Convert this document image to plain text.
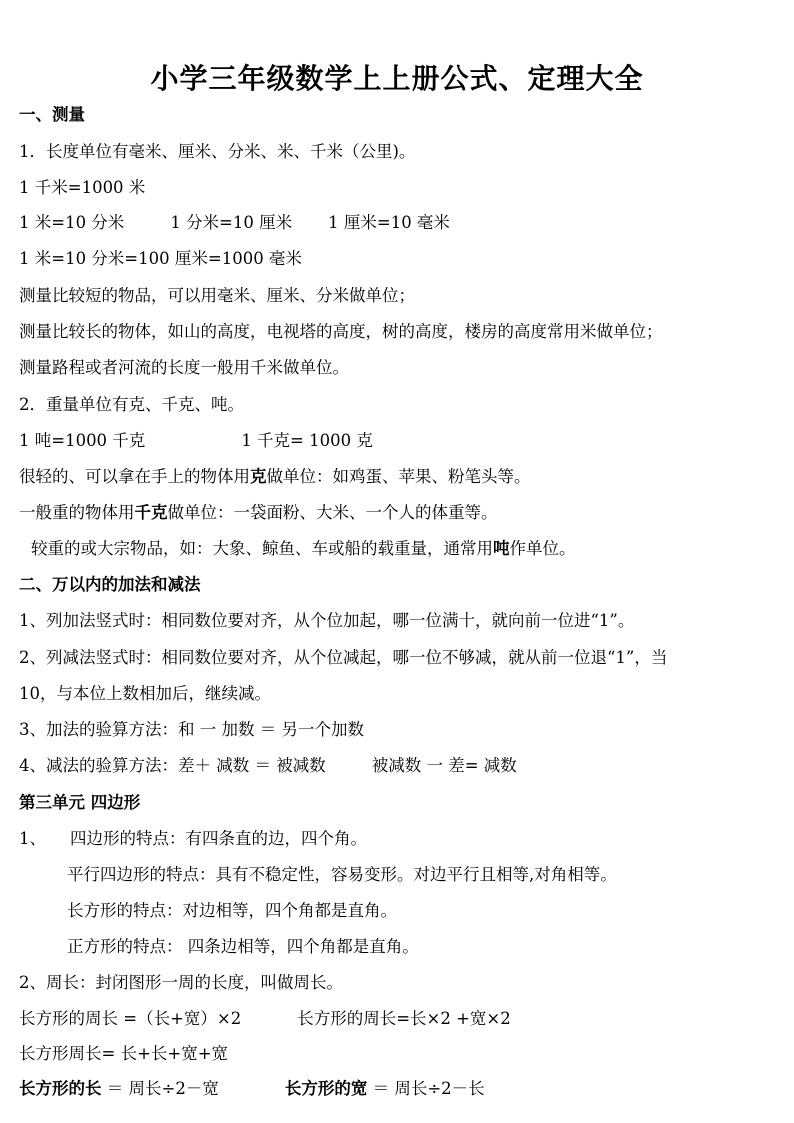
小学三年级数学上上册公式、定理大全
一、测量
1．长度单位有毫米、厘米、分米、米、千米（公里)。
1 千米=1000 米
1 米=10 分米	1 分米=10 厘米 1 厘米=10 毫米
1 米=10 分米=100 厘米=1000 毫米
测量比较短的物品，可以用毫米、厘米、分米做单位；
测量比较长的物体，如山的高度，电视塔的高度，树的高度，楼房的高度常用米做单位；
测量路程或者河流的长度一般用千米做单位。
2．重量单位有克、千克、吨。
1 吨=1000 千克	1 千克= 1000 克
很轻的、可以拿在手上的物体用克做单位：如鸡蛋、苹果、粉笔头等。
一般重的物体用千克做单位：一袋面粉、大米、一个人的体重等。
较重的或大宗物品，如：大象、鲸鱼、车或船的载重量，通常用吨作单位。
二、万以内的加法和减法
1、列加法竖式时：相同数位要对齐，从个位加起，哪一位满十，就向前一位进“1”。
2、列减法竖式时：相同数位要对齐，从个位减起，哪一位不够减，就从前一位退“1”，当
10，与本位上数相加后，继续减。
3、加法的验算方法：和 一 加数 ＝ 另一个加数
4、减法的验算方法：差＋ 减数 ＝ 被减数	被减数 一 差= 减数
第三单元 四边形
1、 四边形的特点：有四条直的边，四个角。
平行四边形的特点：具有不稳定性，容易变形。对边平行且相等,对角相等。
长方形的特点：对边相等，四个角都是直角。
正方形的特点： 四条边相等，四个角都是直角。
2、周长：封闭图形一周的长度，叫做周长。
长方形的周长 =（长+宽）×2	长方形的周长=长×2 +宽×2
长方形周长= 长+长+宽+宽
长方形的长 ＝ 周长÷2－宽	长方形的宽 ＝ 周长÷2－长
